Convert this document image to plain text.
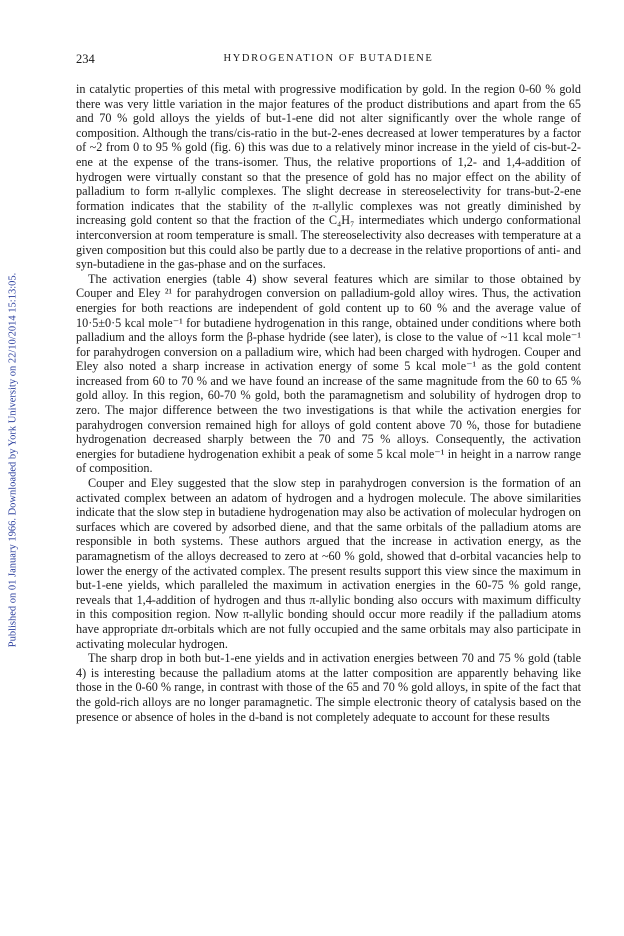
234	HYDROGENATION OF BUTADIENE
Published on 01 January 1966. Downloaded by York University on 22/10/2014 15:13:05.

in catalytic properties of this metal with progressive modification by gold. In the region 0-60 % gold there was very little variation in the major features of the product distributions and apart from the 65 and 70 % gold alloys the yields of but-1-ene did not alter significantly over the whole range of composition. Although the trans/cis-ratio in the but-2-enes decreased at lower temperatures by a factor of ~2 from 0 to 95 % gold (fig. 6) this was due to a relatively minor increase in the yield of cis-but-2-ene at the expense of the trans-isomer. Thus, the relative proportions of 1,2- and 1,4-addition of hydrogen were virtually constant so that the presence of gold has no major effect on the ability of palladium to form π-allylic complexes. The slight decrease in stereoselectivity for trans-but-2-ene formation indicates that the stability of the π-allylic complexes was not greatly diminished by increasing gold content so that the fraction of the C₄H₇ intermediates which undergo conformational interconversion at room temperature is small. The stereoselectivity also decreases with temperature at a given composition but this could also be partly due to a decrease in the relative proportions of anti- and syn-butadiene in the gas-phase and on the surfaces.

The activation energies (table 4) show several features which are similar to those obtained by Couper and Eley ²¹ for parahydrogen conversion on palladium-gold alloy wires. Thus, the activation energies for both reactions are independent of gold content up to 60 % and the average value of 10·5±0·5 kcal mole⁻¹ for butadiene hydrogenation in this range, obtained under conditions where both palladium and the alloys form the β-phase hydride (see later), is close to the value of ~11 kcal mole⁻¹ for parahydrogen conversion on a palladium wire, which had been charged with hydrogen. Couper and Eley also noted a sharp increase in activation energy of some 5 kcal mole⁻¹ as the gold content increased from 60 to 70 % and we have found an increase of the same magnitude from the 60 to 65 % gold alloy. In this region, 60-70 % gold, both the paramagnetism and solubility of hydrogen drop to zero. The major difference between the two investigations is that while the activation energies for parahydrogen conversion remained high for alloys of gold content above 70 %, those for butadiene hydrogenation decreased sharply between the 70 and 75 % alloys. Consequently, the activation energies for butadiene hydrogenation exhibit a peak of some 5 kcal mole⁻¹ in height in a narrow range of composition.

Couper and Eley suggested that the slow step in parahydrogen conversion is the formation of an activated complex between an adatom of hydrogen and a hydrogen molecule. The above similarities indicate that the slow step in butadiene hydrogenation may also be activation of molecular hydrogen on surfaces which are covered by adsorbed diene, and that the same orbitals of the palladium atoms are responsible in both systems. These authors argued that the increase in activation energy, as the paramagnetism of the alloys decreased to zero at ~60 % gold, showed that d-orbital vacancies help to lower the energy of the activated complex. The present results support this view since the maximum in but-1-ene yields, which paralleled the maximum in activation energies in the 60-75 % gold range, reveals that 1,4-addition of hydrogen and thus π-allylic bonding also occurs with maximum difficulty in this composition region. Now π-allylic bonding should occur more readily if the palladium atoms have appropriate dπ-orbitals which are not fully occupied and the same orbitals may also participate in activating molecular hydrogen.

The sharp drop in both but-1-ene yields and in activation energies between 70 and 75 % gold (table 4) is interesting because the palladium atoms at the latter composition are apparently behaving like those in the 0-60 % range, in contrast with those of the 65 and 70 % gold alloys, in spite of the fact that the gold-rich alloys are no longer paramagnetic. The simple electronic theory of catalysis based on the presence or absence of holes in the d-band is not completely adequate to account for these results
